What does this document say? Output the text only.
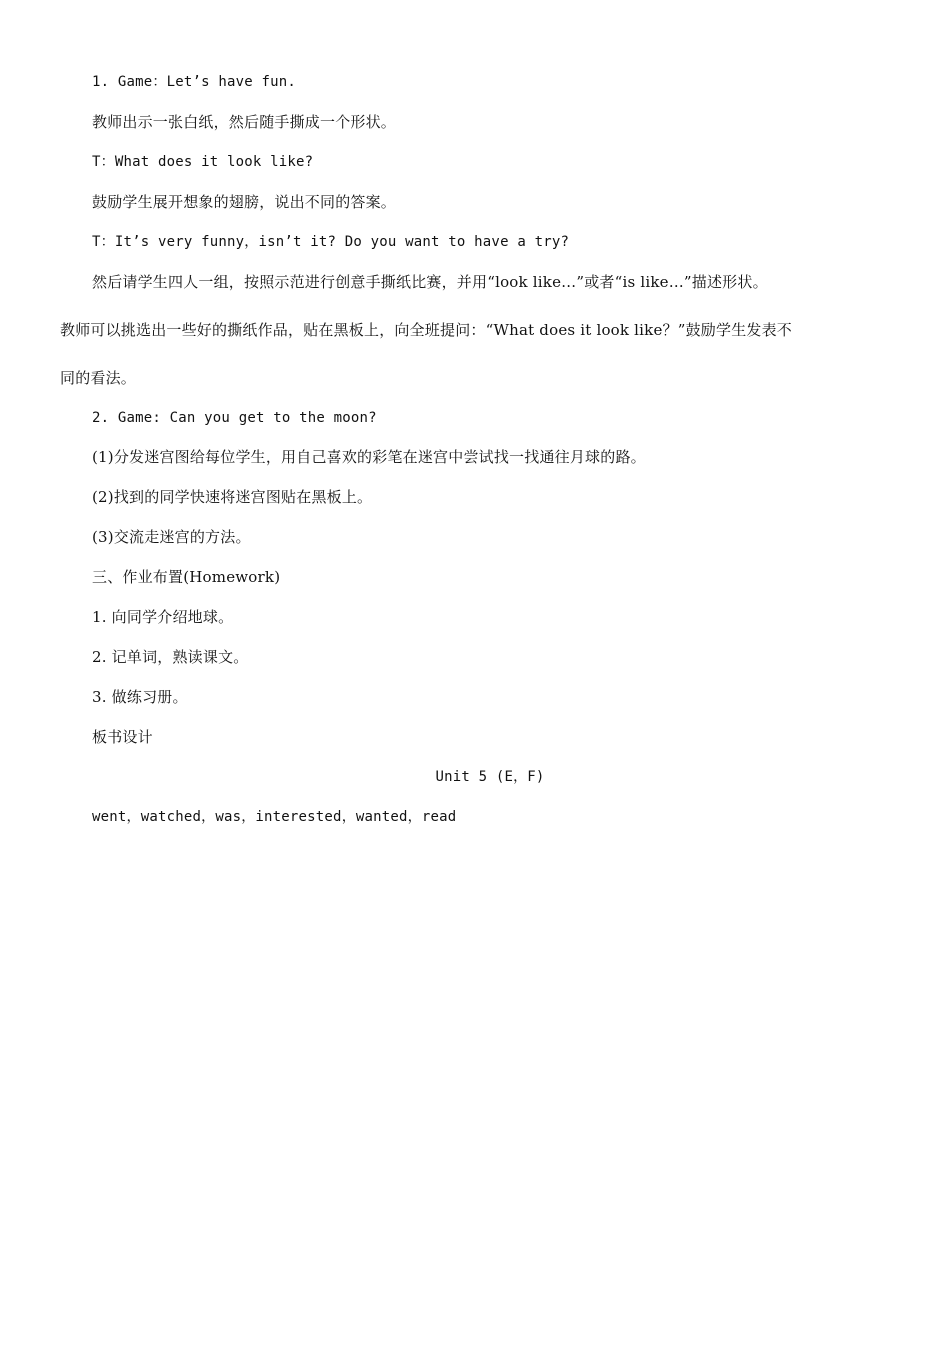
1. Game：Let’s have fun.
教师出示一张白纸，然后随手撕成一个形状。
T：What does it look like?
鼓励学生展开想象的翅膀，说出不同的答案。
T：It’s very funny，isn’t it? Do you want to have a try?
然后请学生四人一组，按照示范进行创意手撕纸比赛，并用“look like…”或者“is like…”描述形状。
教师可以挑选出一些好的撕纸作品，贴在黑板上，向全班提问：“What does it look like？”鼓励学生发表不
同的看法。
2. Game: Can you get to the moon?
(1)分发迷宫图给每位学生，用自己喜欢的彩笔在迷宫中尝试找一找通往月球的路。
(2)找到的同学快速将迷宫图贴在黑板上。
(3)交流走迷宫的方法。
三、作业布置(Homework)
1. 向同学介绍地球。
2. 记单词，熟读课文。
3. 做练习册。
板书设计
Unit 5 (E，F)
went，watched，was，interested，wanted，read
